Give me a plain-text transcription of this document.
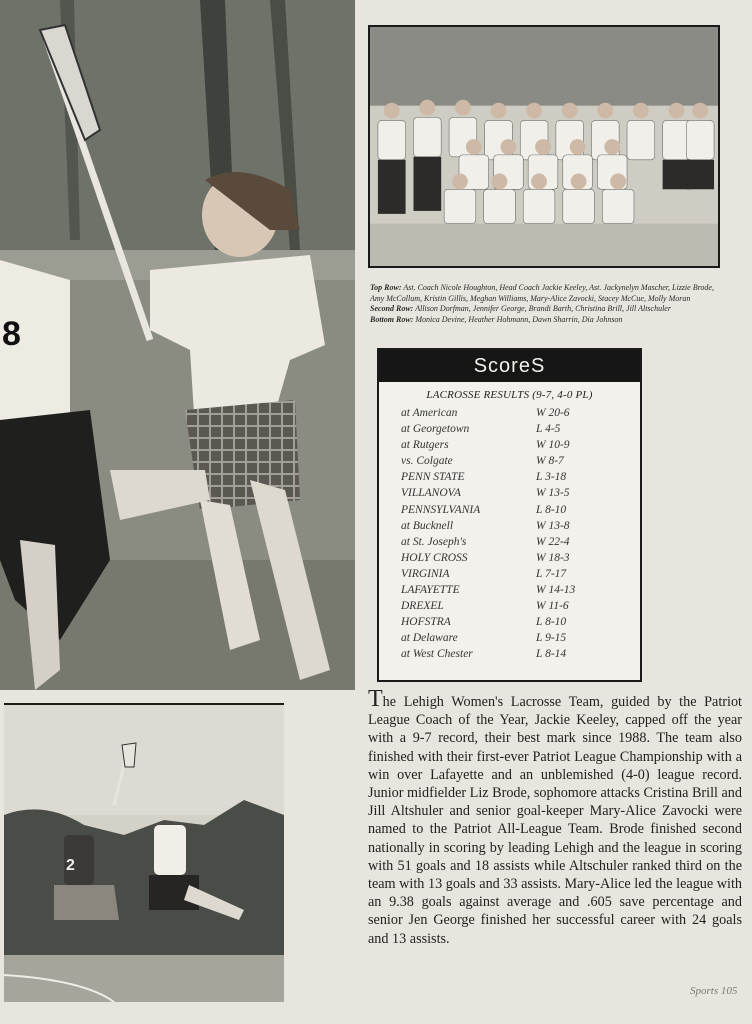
8

Top Row: Ast. Coach Nicole Houghton, Head Coach Jackie Keeley, Ast. Jackynelyn Mascher, Lizzie Brode, Amy McCollum, Kristin Gillis, Meghan Williams, Mary-Alice Zavocki, Stacey McCue, Molly Moran

Second Row: Allison Dorfman, Jennifer George, Brandi Barth, Christina Brill, Jill Altschuler

Bottom Row: Monica Devine, Heather Hohmann, Dawn Sharrin, Dia Johnson

ScoreS
LACROSSE RESULTS (9-7, 4-0 PL)
at American	W 20-6
at Georgetown	L 4-5
at Rutgers	W 10-9
vs. Colgate	W 8-7
PENN STATE	L 3-18
VILLANOVA	W 13-5
PENNSYLVANIA	L 8-10
at Bucknell	W 13-8
at St. Joseph's	W 22-4
HOLY CROSS	W 18-3
VIRGINIA	L 7-17
LAFAYETTE	W 14-13
DREXEL	W 11-6
HOFSTRA	L 8-10
at Delaware	L 9-15
at West Chester	L 8-14
2

The Lehigh Women's Lacrosse Team, guided by the Patriot League Coach of the Year, Jackie Keeley, capped off the year with a 9-7 record, their best mark since 1988. The team also finished with their first-ever Patriot League Championship with a win over Lafayette and an unblemished (4-0) league record. Junior midfielder Liz Brode, sophomore attacks Cristina Brill and Jill Altshuler and senior goal-keeper Mary-Alice Zavocki were named to the Patriot All-League Team. Brode finished second nationally in scoring by leading Lehigh and the league in scoring with 51 goals and 18 assists while Altschuler ranked third on the team with 13 goals and 33 assists. Mary-Alice led the league with an 9.38 goals against average and .605 save percentage and senior Jen George finished her successful career with 24 goals and 13 assists.

Sports 105
